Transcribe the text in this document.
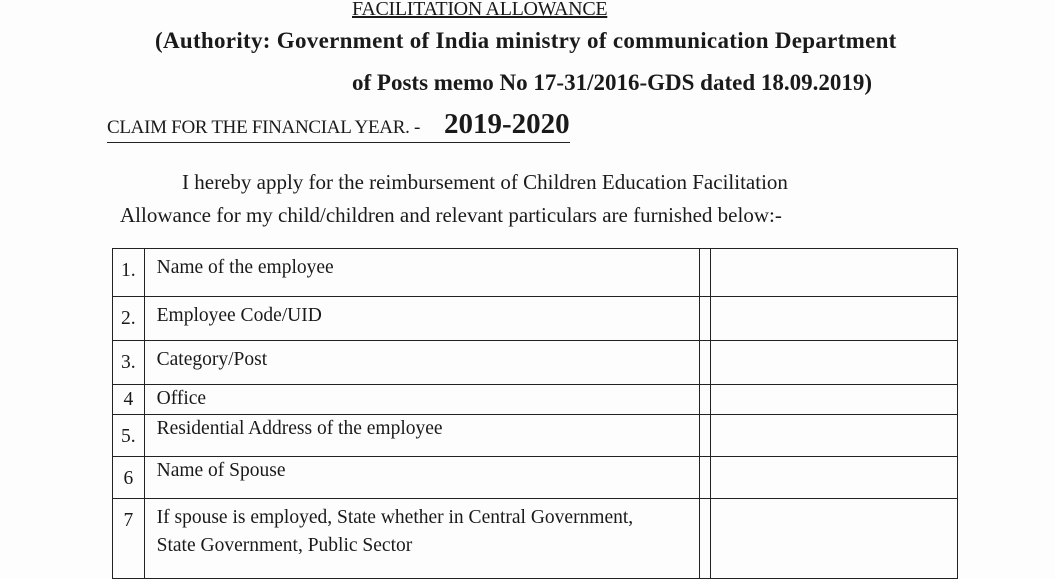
FACILITATION ALLOWANCE
(Authority: Government of India ministry of communication Department
of Posts memo No 17-31/2016-GDS dated 18.09.2019)
CLAIM FOR THE FINANCIAL YEAR. - 2019-2020
I hereby apply for the reimbursement of Children Education Facilitation
Allowance for my child/children and relevant particulars are furnished below:-
1.	Name of the employee		
2.	Employee Code/UID		
3.	Category/Post		
4	Office		
5.	Residential Address of the employee		
6	Name of Spouse		
7	If spouse is employed, State whether in Central Government, State Government, Public Sector		
